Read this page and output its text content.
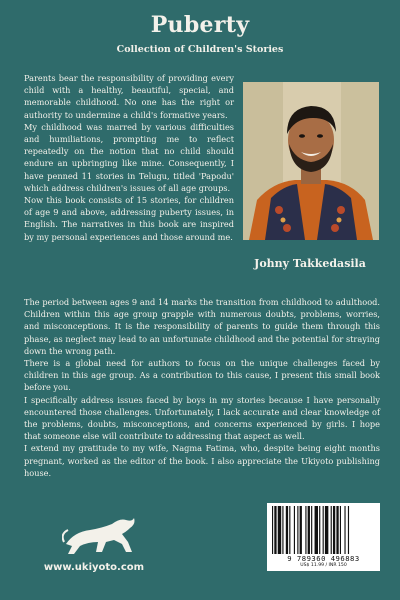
Puberty
Collection of Children's Stories

Parents bear the responsibility of providing every child with a healthy, beautiful, special, and memorable childhood. No one has the right or authority to undermine a child's formative years.

My childhood was marred by various difficulties and humiliations, prompting me to reflect repeatedly on the notion that no child should endure an upbringing like mine. Consequently, I have penned 11 stories in Telugu, titled 'Papodu' which address children's issues of all age groups.

Now this book consists of 15 stories, for children of age 9 and above, addressing puberty issues, in English. The narratives in this book are inspired by my personal experiences and those around me.

Johny Takkedasila

The period between ages 9 and 14 marks the transition from childhood to adulthood. Children within this age group grapple with numerous doubts, problems, worries, and misconceptions. It is the responsibility of parents to guide them through this phase, as neglect may lead to an unfortunate childhood and the potential for straying down the wrong path.

There is a global need for authors to focus on the unique challenges faced by children in this age group. As a contribution to this cause, I present this small book before you.

I specifically address issues faced by boys in my stories because I have personally encountered those challenges. Unfortunately, I lack accurate and clear knowledge of the problems, doubts, misconceptions, and concerns experienced by girls. I hope that someone else will contribute to addressing that aspect as well.

I extend my gratitude to my wife, Nagma Fatima, who, despite being eight months pregnant, worked as the editor of the book. I also appreciate the Ukiyoto publishing house.

www.ukiyoto.com
9 789360 496883
US$ 11.99 / INR 150
